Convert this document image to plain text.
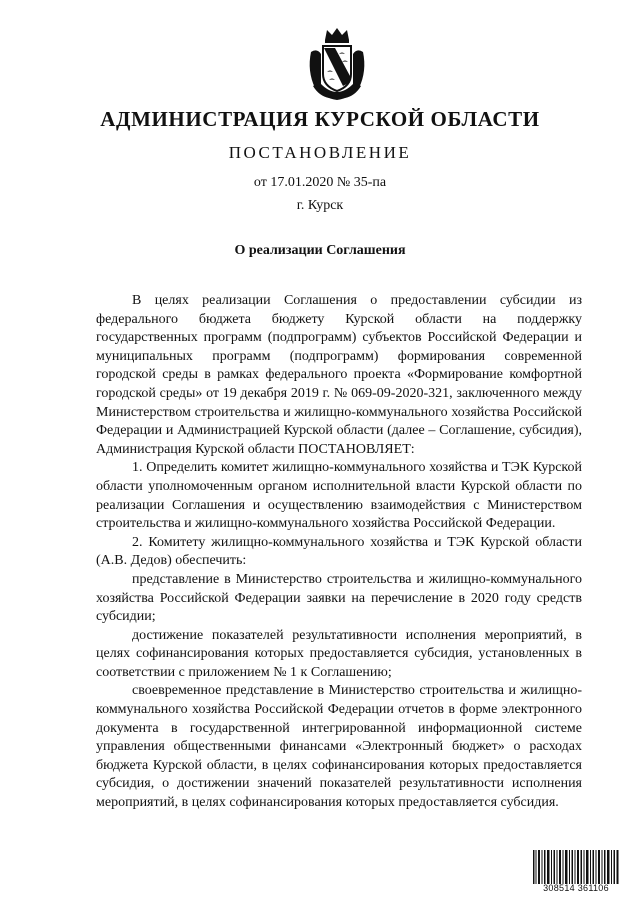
АДМИНИСТРАЦИЯ КУРСКОЙ ОБЛАСТИ
ПОСТАНОВЛЕНИЕ
от 17.01.2020 № 35-па
г. Курск
О реализации Соглашения

В целях реализации Соглашения о предоставлении субсидии из федерального бюджета бюджету Курской области на поддержку государственных программ (подпрограмм) субъектов Российской Федерации и муниципальных программ (подпрограмм) формирования современной городской среды в рамках федерального проекта «Формирование комфортной городской среды» от 19 декабря 2019 г. № 069-09-2020-321, заключенного между Министерством строительства и жилищно-коммунального хозяйства Российской Федерации и Администрацией Курской области (далее – Соглашение, субсидия), Администрация Курской области ПОСТАНОВЛЯЕТ:

1. Определить комитет жилищно-коммунального хозяйства и ТЭК Курской области уполномоченным органом исполнительной власти Курской области по реализации Соглашения и осуществлению взаимодействия с Министерством строительства и жилищно-коммунального хозяйства Российской Федерации.

2. Комитету жилищно-коммунального хозяйства и ТЭК Курской области (А.В. Дедов) обеспечить:

представление в Министерство строительства и жилищно-коммунального хозяйства Российской Федерации заявки на перечисление в 2020 году средств субсидии;

достижение показателей результативности исполнения мероприятий, в целях софинансирования которых предоставляется субсидия, установленных в соответствии с приложением № 1 к Соглашению;

своевременное представление в Министерство строительства и жилищно-коммунального хозяйства Российской Федерации отчетов в форме электронного документа в государственной интегрированной информационной системе управления общественными финансами «Электронный бюджет» о расходах бюджета Курской области, в целях софинансирования которых предоставляется субсидия, о достижении значений показателей результативности исполнения мероприятий, в целях софинансирования которых предоставляется субсидия.

308514 361106
